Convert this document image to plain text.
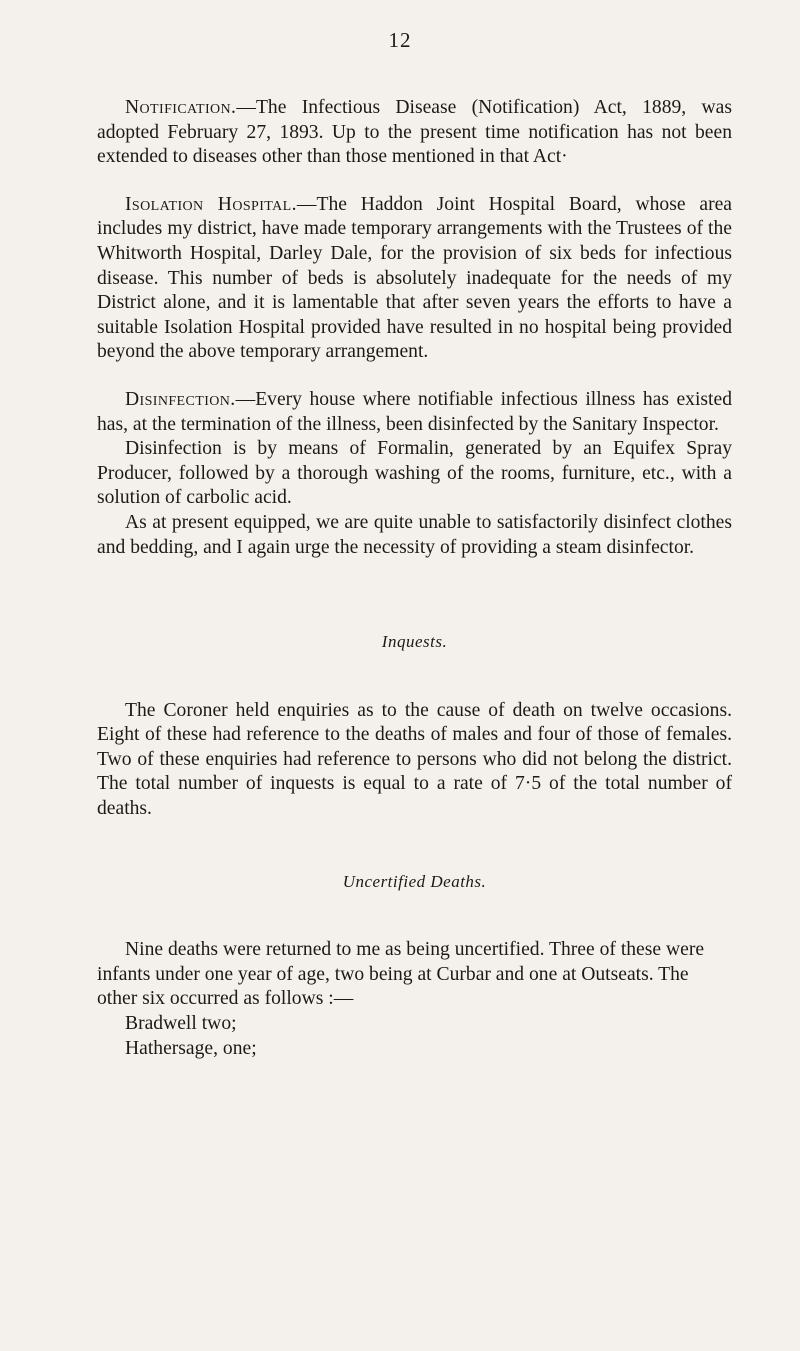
12

Notification.—The Infectious Disease (Notification) Act, 1889, was adopted February 27, 1893. Up to the present time notification has not been extended to diseases other than those mentioned in that Act·

Isolation Hospital.—The Haddon Joint Hospital Board, whose area includes my district, have made temporary arrangements with the Trustees of the Whitworth Hospital, Darley Dale, for the provision of six beds for infectious disease. This number of beds is absolutely inadequate for the needs of my District alone, and it is lamentable that after seven years the efforts to have a suitable Isolation Hospital provided have resulted in no hospital being provided beyond the above temporary arrangement.

Disinfection.—Every house where notifiable infectious illness has existed has, at the termination of the illness, been disinfected by the Sanitary Inspector.

Disinfection is by means of Formalin, generated by an Equifex Spray Producer, followed by a thorough washing of the rooms, furniture, etc., with a solution of carbolic acid.

As at present equipped, we are quite unable to satisfactorily disinfect clothes and bedding, and I again urge the necessity of providing a steam disinfector.

Inquests.

The Coroner held enquiries as to the cause of death on twelve occasions. Eight of these had reference to the deaths of males and four of those of females. Two of these enquiries had reference to persons who did not belong the district. The total number of inquests is equal to a rate of 7·5 of the total number of deaths.

Uncertified Deaths.

Nine deaths were returned to me as being uncertified. Three of these were infants under one year of age, two being at Curbar and one at Outseats. The other six occurred as follows :—

Bradwell two;

Hathersage, one;
